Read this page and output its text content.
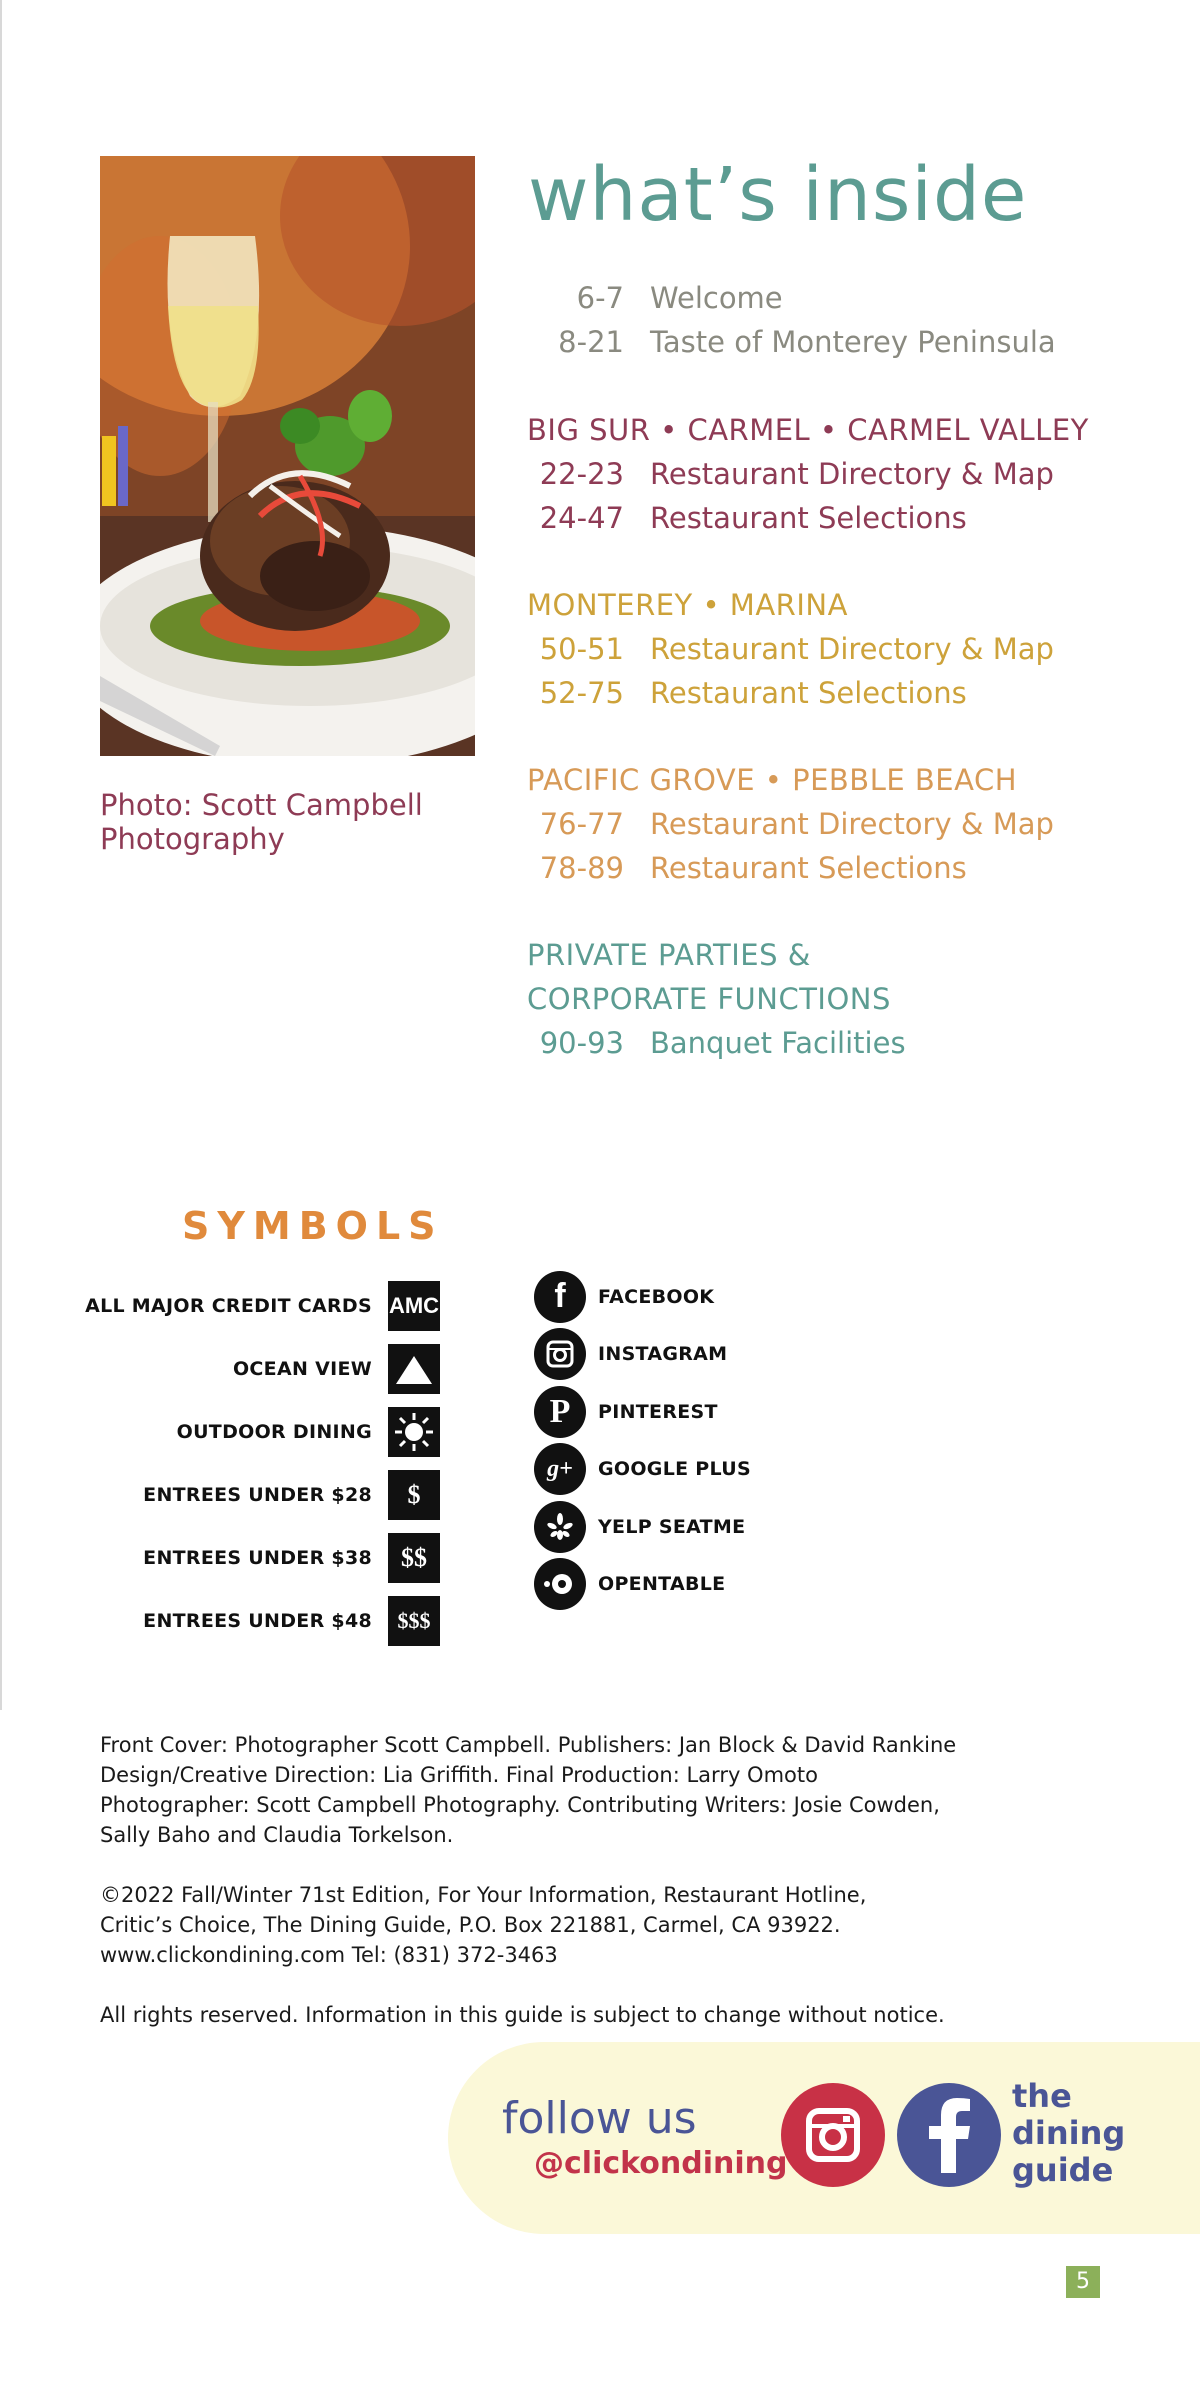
Photo: Scott Campbell Photography
what’s inside
6-7 Welcome
8-21 Taste of Monterey Peninsula
BIG SUR • CARMEL • CARMEL VALLEY
22-23 Restaurant Directory & Map
24-47 Restaurant Selections
MONTEREY • MARINA
50-51 Restaurant Directory & Map
52-75 Restaurant Selections
PACIFIC GROVE • PEBBLE BEACH
76-77 Restaurant Directory & Map
78-89 Restaurant Selections
PRIVATE PARTIES &
CORPORATE FUNCTIONS
90-93 Banquet Facilities
SYMBOLS
ALL MAJOR CREDIT CARDS AMC
OCEAN VIEW
OUTDOOR DINING
ENTREES UNDER $28	$
ENTREES UNDER $38	$$
ENTREES UNDER $48	$$$
f	FACEBOOK
INSTAGRAM
P	PINTEREST
g+	GOOGLE PLUS
YELP SEATME
OPENTABLE

Front Cover: Photographer Scott Campbell. Publishers: Jan Block & David Rankine
Design/Creative Direction: Lia Griffith. Final Production: Larry Omoto
Photographer: Scott Campbell Photography. Contributing Writers: Josie Cowden,
Sally Baho and Claudia Torkelson.

©2022 Fall/Winter 71st Edition, For Your Information, Restaurant Hotline,
Critic’s Choice, The Dining Guide, P.O. Box 221881, Carmel, CA 93922.
www.clickondining.com Tel: (831) 372-3463

All rights reserved. Information in this guide is subject to change without notice.

follow us
@clickondining
the
dining
guide
5
